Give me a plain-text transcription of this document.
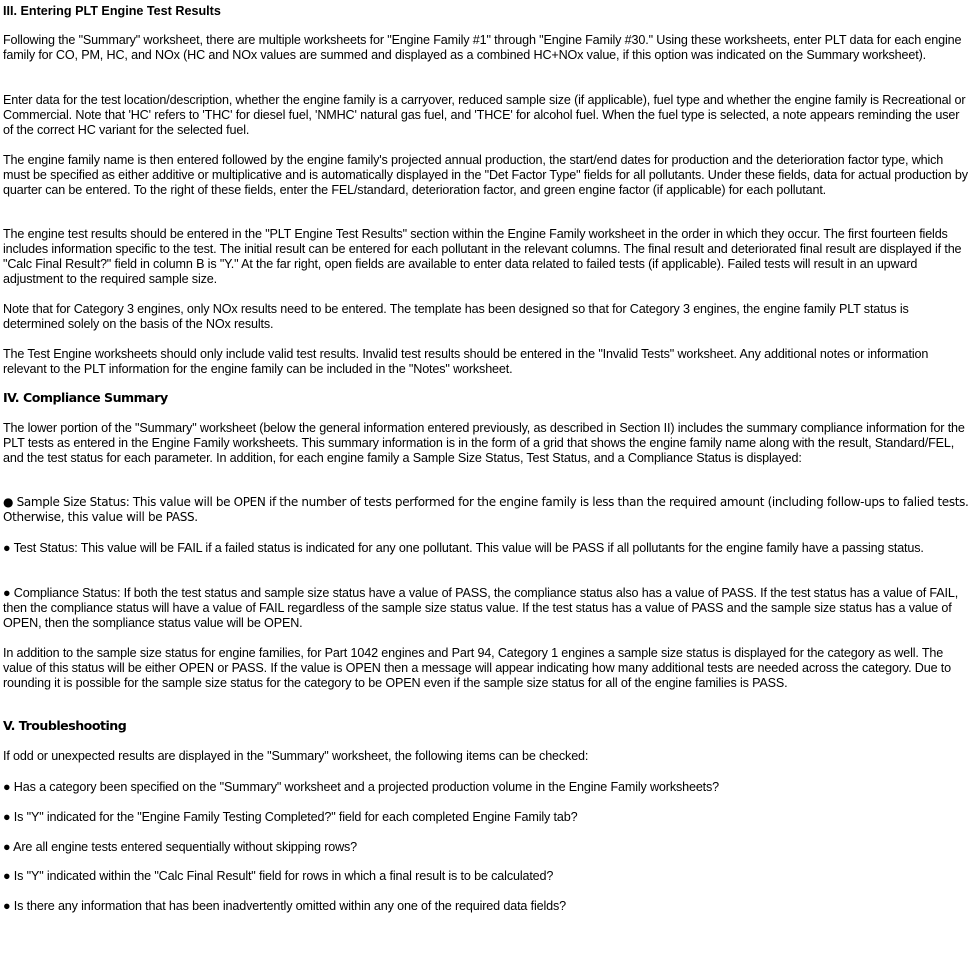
III. Entering PLT Engine Test Results

Following the "Summary" worksheet, there are multiple worksheets for "Engine Family #1" through "Engine Family #30." Using these worksheets, enter PLT data for each engine family for CO, PM, HC, and NOx (HC and NOx values are summed and displayed as a combined HC+NOx value, if this option was indicated on the Summary worksheet).

Enter data for the test location/description, whether the engine family is a carryover, reduced sample size (if applicable), fuel type and whether the engine family is Recreational or Commercial. Note that 'HC' refers to 'THC' for diesel fuel, 'NMHC' natural gas fuel, and 'THCE' for alcohol fuel. When the fuel type is selected, a note appears reminding the user of the correct HC variant for the selected fuel.

The engine family name is then entered followed by the engine family's projected annual production, the start/end dates for production and the deterioration factor type, which must be specified as either additive or multiplicative and is automatically displayed in the "Det Factor Type" fields for all pollutants. Under these fields, data for actual production by quarter can be entered. To the right of these fields, enter the FEL/standard, deterioration factor, and green engine factor (if applicable) for each pollutant.

The engine test results should be entered in the "PLT Engine Test Results" section within the Engine Family worksheet in the order in which they occur. The first fourteen fields includes information specific to the test. The initial result can be entered for each pollutant in the relevant columns. The final result and deteriorated final result are displayed if the "Calc Final Result?" field in column B is "Y." At the far right, open fields are available to enter data related to failed tests (if applicable). Failed tests will result in an upward adjustment to the required sample size.

Note that for Category 3 engines, only NOx results need to be entered. The template has been designed so that for Category 3 engines, the engine family PLT status is determined solely on the basis of the NOx results.

The Test Engine worksheets should only include valid test results. Invalid test results should be entered in the "Invalid Tests" worksheet. Any additional notes or information relevant to the PLT information for the engine family can be included in the "Notes" worksheet.

IV. Compliance Summary

The lower portion of the "Summary" worksheet (below the general information entered previously, as described in Section II) includes the summary compliance information for the PLT tests as entered in the Engine Family worksheets. This summary information is in the form of a grid that shows the engine family name along with the result, Standard/FEL, and the test status for each parameter. In addition, for each engine family a Sample Size Status, Test Status, and a Compliance Status is displayed:

● Sample Size Status: This value will be OPEN if the number of tests performed for the engine family is less than the required amount (including follow-ups to falied tests. Otherwise, this value will be PASS.

● Test Status: This value will be FAIL if a failed status is indicated for any one pollutant. This value will be PASS if all pollutants for the engine family have a passing status.

● Compliance Status: If both the test status and sample size status have a value of PASS, the compliance status also has a value of PASS. If the test status has a value of FAIL, then the compliance status will have a value of FAIL regardless of the sample size status value. If the test status has a value of PASS and the sample size status has a value of OPEN, then the sompliance status value will be OPEN.

In addition to the sample size status for engine families, for Part 1042 engines and Part 94, Category 1 engines a sample size status is displayed for the category as well. The value of this status will be either OPEN or PASS. If the value is OPEN then a message will appear indicating how many additional tests are needed across the category. Due to rounding it is possible for the sample size status for the category to be OPEN even if the sample size status for all of the engine families is PASS.

V. Troubleshooting

If odd or unexpected results are displayed in the "Summary" worksheet, the following items can be checked:

● Has a category been specified on the "Summary" worksheet and a projected production volume in the Engine Family worksheets?

● Is "Y" indicated for the "Engine Family Testing Completed?" field for each completed Engine Family tab?

● Are all engine tests entered sequentially without skipping rows?

● Is "Y" indicated within the "Calc Final Result" field for rows in which a final result is to be calculated?

● Is there any information that has been inadvertently omitted within any one of the required data fields?
